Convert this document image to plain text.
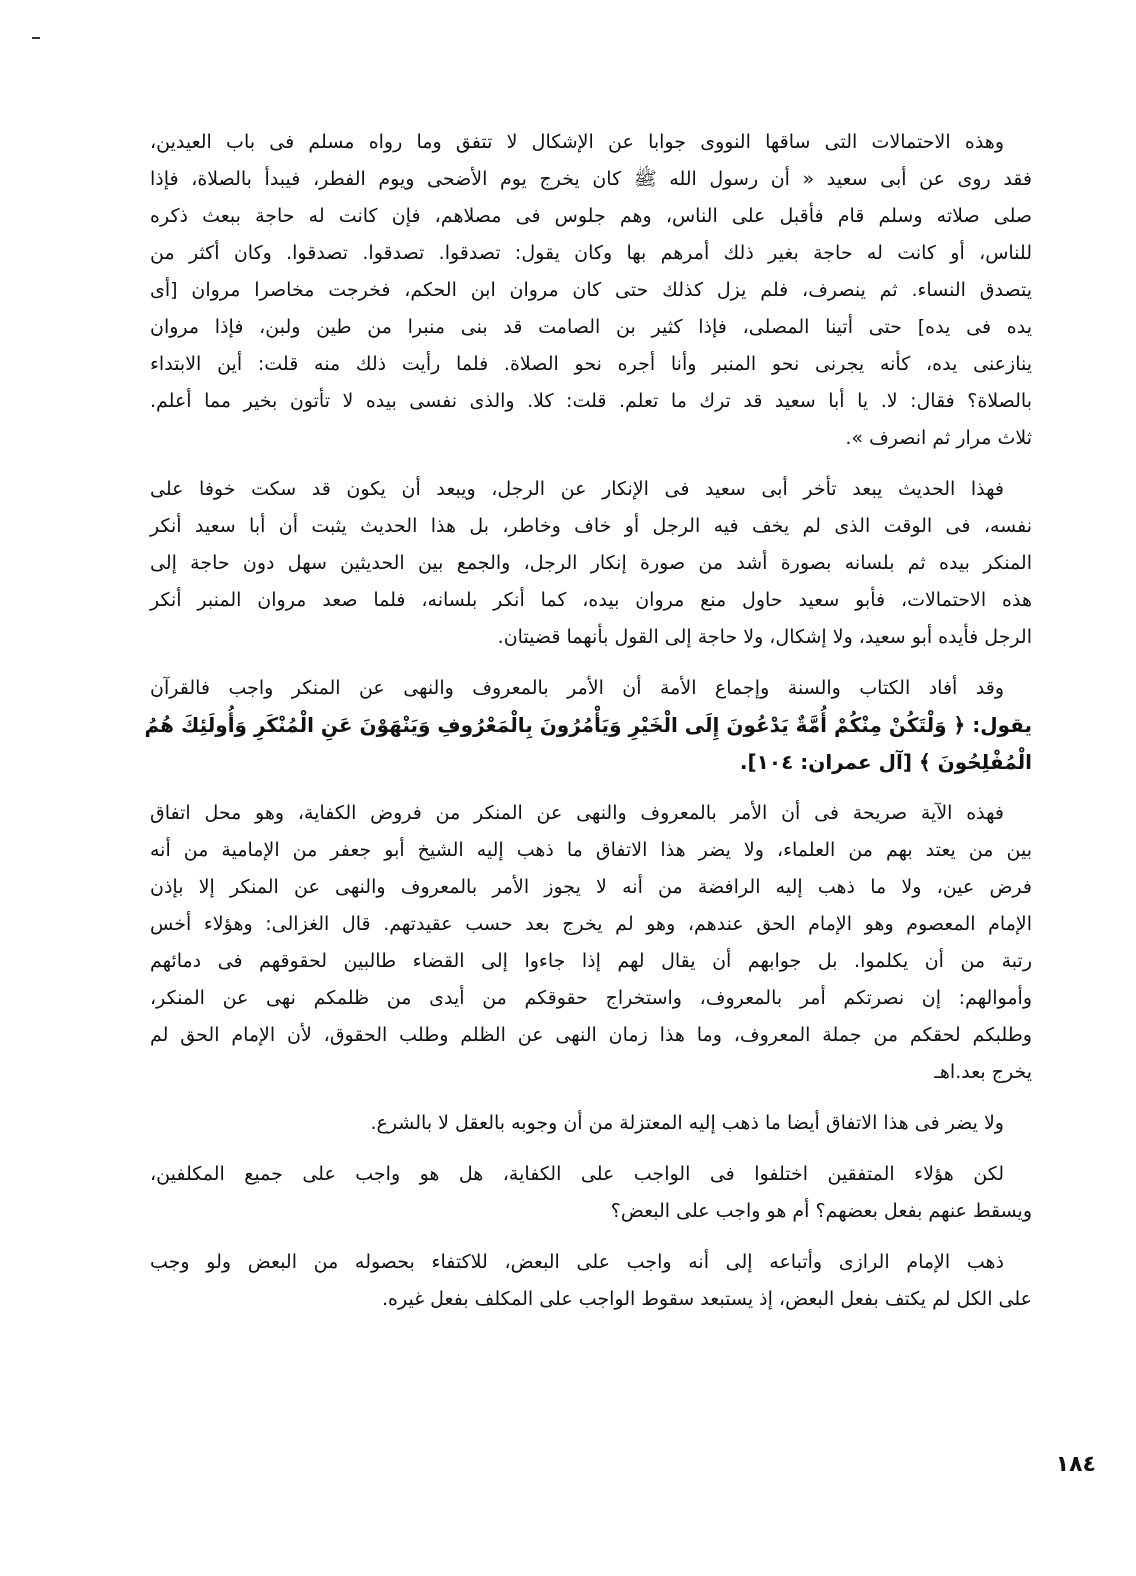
وهذه الاحتمالات التى ساقها النووى جوابا عن الإشكال لا تتفق وما رواه مسلم فى باب العيدين،
فقد روى عن أبى سعيد « أن رسول الله ﷺ كان يخرج يوم الأضحى ويوم الفطر، فيبدأ بالصلاة، فإذا
صلى صلاته وسلم قام فأقبل على الناس، وهم جلوس فى مصلاهم، فإن كانت له حاجة ببعث ذكره
للناس، أو كانت له حاجة بغير ذلك أمرهم بها وكان يقول: تصدقوا. تصدقوا. تصدقوا. وكان أكثر من
يتصدق النساء. ثم ينصرف، فلم يزل كذلك حتى كان مروان ابن الحكم، فخرجت مخاصرا مروان [أى
يده فى يده] حتى أتينا المصلى، فإذا كثير بن الصامت قد بنى منبرا من طين ولبن، فإذا مروان
ينازعنى يده، كأنه يجرنى نحو المنبر وأنا أجره نحو الصلاة. فلما رأيت ذلك منه قلت: أين الابتداء
بالصلاة؟ فقال: لا. يا أبا سعيد قد ترك ما تعلم. قلت: كلا. والذى نفسى بيده لا تأتون بخير مما أعلم.
ثلاث مرار ثم انصرف ».
فهذا الحديث يبعد تأخر أبى سعيد فى الإنكار عن الرجل، ويبعد أن يكون قد سكت خوفا على
نفسه، فى الوقت الذى لم يخف فيه الرجل أو خاف وخاطر، بل هذا الحديث يثبت أن أبا سعيد أنكر
المنكر بيده ثم بلسانه بصورة أشد من صورة إنكار الرجل، والجمع بين الحديثين سهل دون حاجة إلى
هذه الاحتمالات، فأبو سعيد حاول منع مروان بيده، كما أنكر بلسانه، فلما صعد مروان المنبر أنكر
الرجل فأيده أبو سعيد، ولا إشكال، ولا حاجة إلى القول بأنهما قضيتان.
وقد أفاد الكتاب والسنة وإجماع الأمة أن الأمر بالمعروف والنهى عن المنكر واجب فالقرآن
يقول: ﴿ وَلْتَكُنْ مِنْكُمْ أُمَّةٌ يَدْعُونَ إِلَى الْخَيْرِ وَيَأْمُرُونَ بِالْمَعْرُوفِ وَيَنْهَوْنَ عَنِ الْمُنْكَرِ وَأُولَئِكَ هُمُ
الْمُفْلِحُونَ ﴾ [آل عمران: ١٠٤].
فهذه الآية صريحة فى أن الأمر بالمعروف والنهى عن المنكر من فروض الكفاية، وهو محل اتفاق
بين من يعتد بهم من العلماء، ولا يضر هذا الاتفاق ما ذهب إليه الشيخ أبو جعفر من الإمامية من أنه
فرض عين، ولا ما ذهب إليه الرافضة من أنه لا يجوز الأمر بالمعروف والنهى عن المنكر إلا بإذن
الإمام المعصوم وهو الإمام الحق عندهم، وهو لم يخرج بعد حسب عقيدتهم. قال الغزالى: وهؤلاء أخس
رتبة من أن يكلموا. بل جوابهم أن يقال لهم إذا جاءوا إلى القضاء طالبين لحقوقهم فى دمائهم
وأموالهم: إن نصرتكم أمر بالمعروف، واستخراج حقوقكم من أيدى من ظلمكم نهى عن المنكر،
وطلبكم لحقكم من جملة المعروف، وما هذا زمان النهى عن الظلم وطلب الحقوق، لأن الإمام الحق لم
يخرج بعد.اهـ
ولا يضر فى هذا الاتفاق أيضا ما ذهب إليه المعتزلة من أن وجوبه بالعقل لا بالشرع.
لكن هؤلاء المتفقين اختلفوا فى الواجب على الكفاية، هل هو واجب على جميع المكلفين،
ويسقط عنهم بفعل بعضهم؟ أم هو واجب على البعض؟
ذهب الإمام الرازى وأتباعه إلى أنه واجب على البعض، للاكتفاء بحصوله من البعض ولو وجب
على الكل لم يكتف بفعل البعض، إذ يستبعد سقوط الواجب على المكلف بفعل غيره.
١٨٤
